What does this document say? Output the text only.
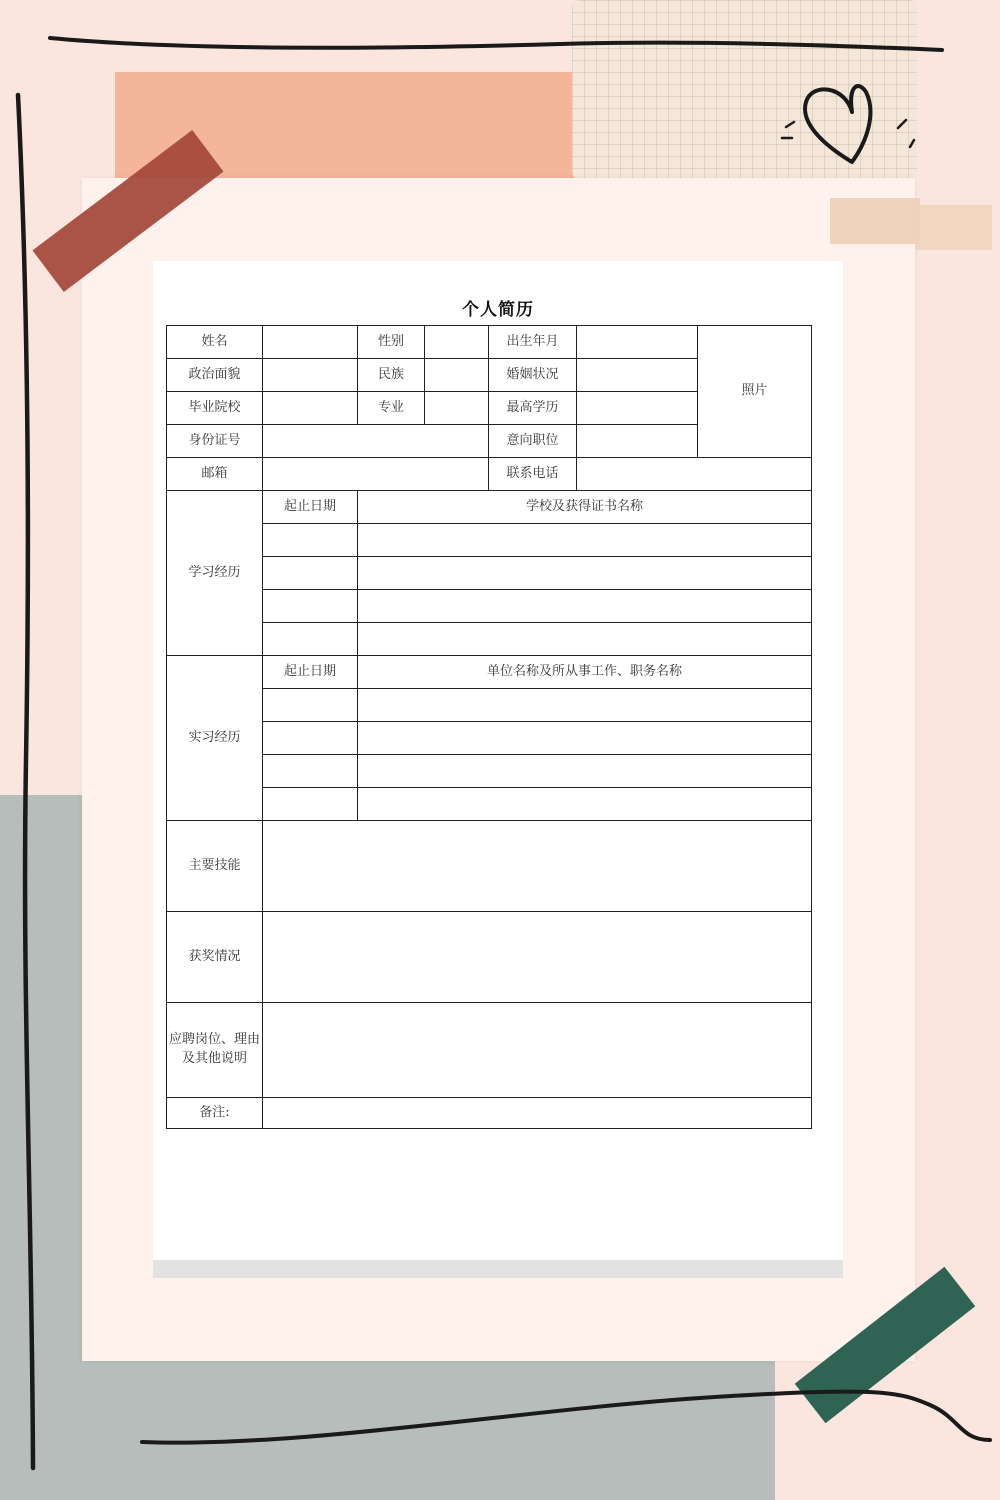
个人简历
姓名		性别		出生年月		照片
政治面貌		民族		婚姻状况		
毕业院校		专业		最高学历		
身份证号				意向职位		
邮箱				联系电话		
学习经历	起止日期	学校及获得证书名称				

实习经历	起止日期	单位名称及所从事工作、职务名称				

主要技能						
获奖情况						
应聘岗位、理由及其他说明						
备注:						
